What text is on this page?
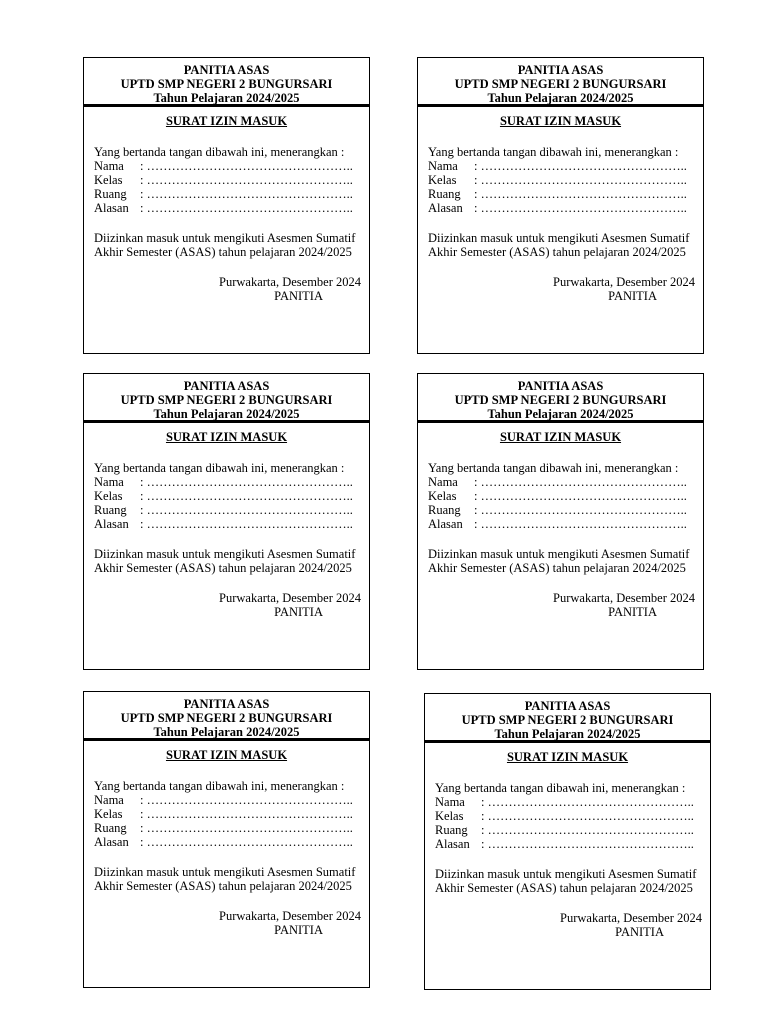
PANITIA ASAS
UPTD SMP NEGERI 2 BUNGURSARI
Tahun Pelajaran 2024/2025
SURAT IZIN MASUK
Yang bertanda tangan dibawah ini, menerangkan :
Nama	: …………………………………………..
Kelas	: …………………………………………..
Ruang	: …………………………………………..
Alasan : …………………………………………..
Diizinkan masuk untuk mengikuti Asesmen Sumatif Akhir Semester (ASAS) tahun pelajaran 2024/2025
Purwakarta, Desember 2024
PANITIA
PANITIA ASAS
UPTD SMP NEGERI 2 BUNGURSARI
Tahun Pelajaran 2024/2025
SURAT IZIN MASUK
Yang bertanda tangan dibawah ini, menerangkan :
Nama	: …………………………………………..
Kelas	: …………………………………………..
Ruang	: …………………………………………..
Alasan : …………………………………………..
Diizinkan masuk untuk mengikuti Asesmen Sumatif Akhir Semester (ASAS) tahun pelajaran 2024/2025
Purwakarta, Desember 2024
PANITIA
PANITIA ASAS
UPTD SMP NEGERI 2 BUNGURSARI
Tahun Pelajaran 2024/2025
SURAT IZIN MASUK
Yang bertanda tangan dibawah ini, menerangkan :
Nama	: …………………………………………..
Kelas	: …………………………………………..
Ruang	: …………………………………………..
Alasan : …………………………………………..
Diizinkan masuk untuk mengikuti Asesmen Sumatif Akhir Semester (ASAS) tahun pelajaran 2024/2025
Purwakarta, Desember 2024
PANITIA
PANITIA ASAS
UPTD SMP NEGERI 2 BUNGURSARI
Tahun Pelajaran 2024/2025
SURAT IZIN MASUK
Yang bertanda tangan dibawah ini, menerangkan :
Nama	: …………………………………………..
Kelas	: …………………………………………..
Ruang	: …………………………………………..
Alasan : …………………………………………..
Diizinkan masuk untuk mengikuti Asesmen Sumatif Akhir Semester (ASAS) tahun pelajaran 2024/2025
Purwakarta, Desember 2024
PANITIA
PANITIA ASAS
UPTD SMP NEGERI 2 BUNGURSARI
Tahun Pelajaran 2024/2025
SURAT IZIN MASUK
Yang bertanda tangan dibawah ini, menerangkan :
Nama	: …………………………………………..
Kelas	: …………………………………………..
Ruang	: …………………………………………..
Alasan : …………………………………………..
Diizinkan masuk untuk mengikuti Asesmen Sumatif Akhir Semester (ASAS) tahun pelajaran 2024/2025
Purwakarta, Desember 2024
PANITIA
PANITIA ASAS
UPTD SMP NEGERI 2 BUNGURSARI
Tahun Pelajaran 2024/2025
SURAT IZIN MASUK
Yang bertanda tangan dibawah ini, menerangkan :
Nama	: …………………………………………..
Kelas	: …………………………………………..
Ruang	: …………………………………………..
Alasan : …………………………………………..
Diizinkan masuk untuk mengikuti Asesmen Sumatif Akhir Semester (ASAS) tahun pelajaran 2024/2025
Purwakarta, Desember 2024
PANITIA
